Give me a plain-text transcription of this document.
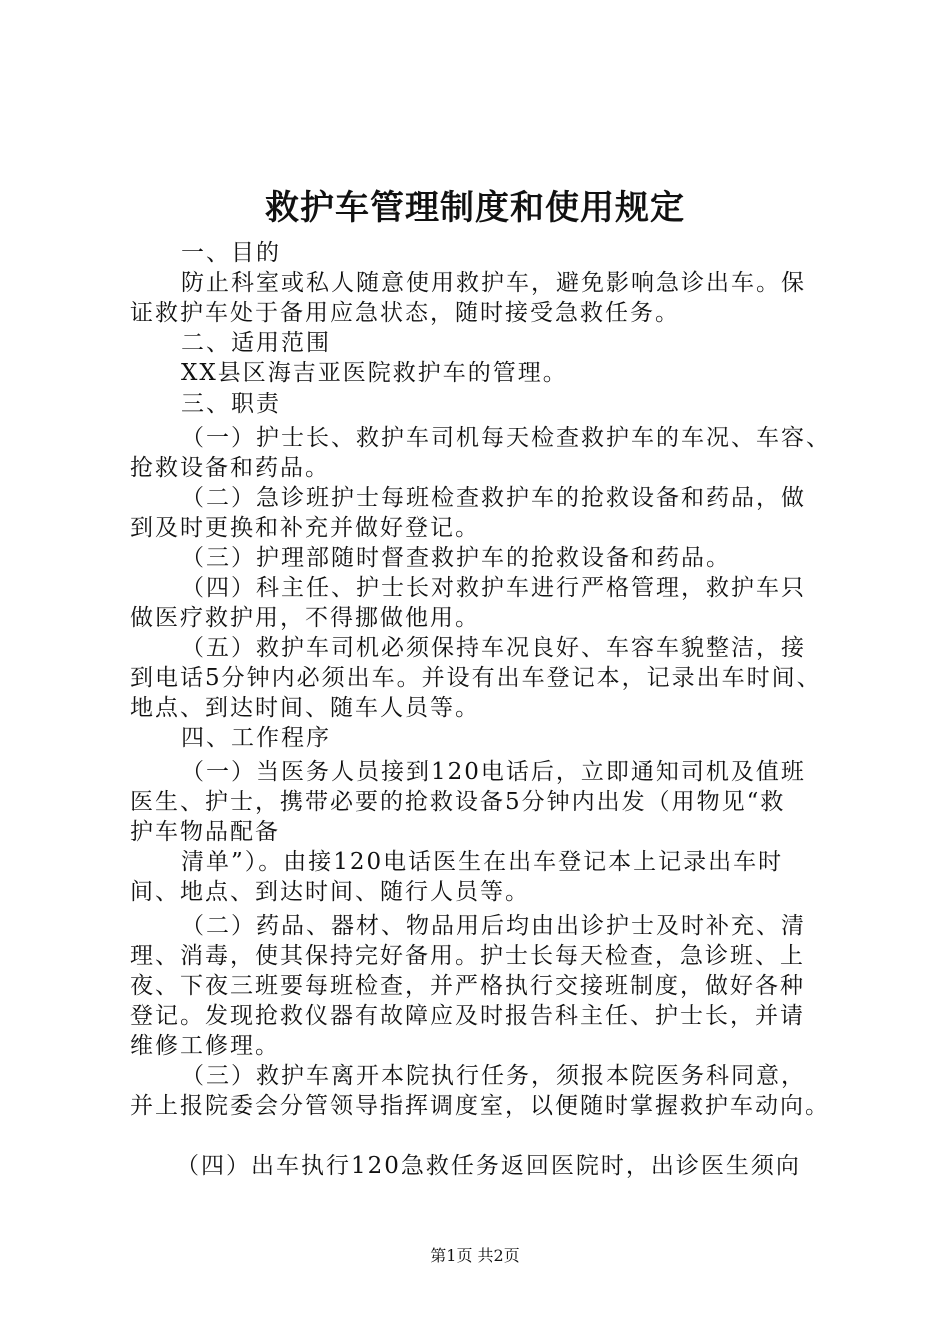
救护车管理制度和使用规定
一、目的
防止科室或私人随意使用救护车，避免影响急诊出车。保
证救护车处于备用应急状态，随时接受急救任务。
二、适用范围
XX县区海吉亚医院救护车的管理。
三、职责
（一）护士长、救护车司机每天检查救护车的车况、车容、
抢救设备和药品。
（二）急诊班护士每班检查救护车的抢救设备和药品，做
到及时更换和补充并做好登记。
（三）护理部随时督查救护车的抢救设备和药品。
（四）科主任、护士长对救护车进行严格管理，救护车只
做医疗救护用，不得挪做他用。
（五）救护车司机必须保持车况良好、车容车貌整洁，接
到电话5分钟内必须出车。并设有出车登记本，记录出车时间、
地点、到达时间、随车人员等。
四、工作程序
（一）当医务人员接到120电话后，立即通知司机及值班
医生、护士，携带必要的抢救设备5分钟内出发（用物见“救
护车物品配备
清单”）。由接120电话医生在出车登记本上记录出车时
间、地点、到达时间、随行人员等。
（二）药品、器材、物品用后均由出诊护士及时补充、清
理、消毒，使其保持完好备用。护士长每天检查，急诊班、上
夜、下夜三班要每班检查，并严格执行交接班制度，做好各种
登记。发现抢救仪器有故障应及时报告科主任、护士长，并请
维修工修理。
（三）救护车离开本院执行任务，须报本院医务科同意，
并上报院委会分管领导指挥调度室，以便随时掌握救护车动向。
（四）出车执行120急救任务返回医院时，出诊医生须向
第1页 共2页
